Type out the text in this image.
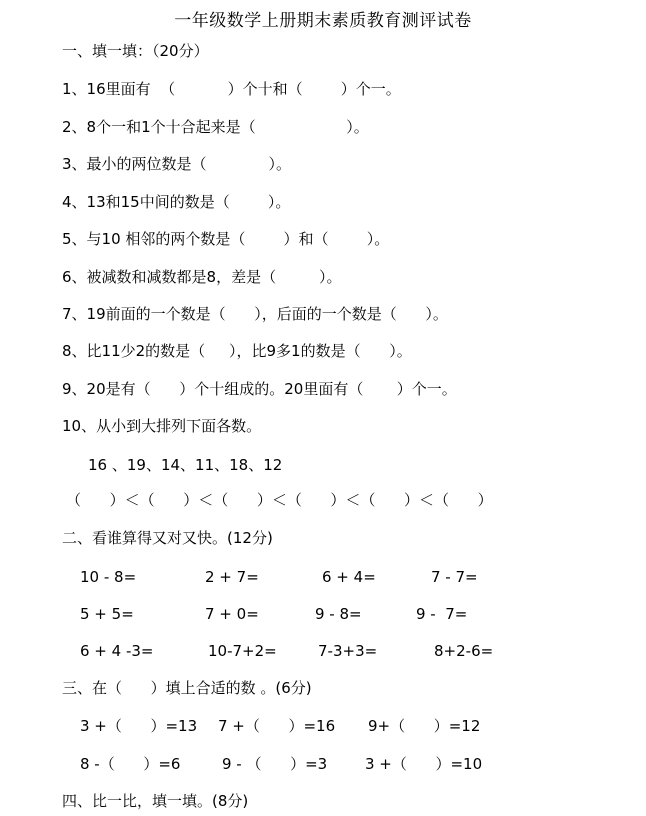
一年级数学上册期末素质教育测评试卷
一、填一填：（20分）
1、16里面有  （           ）个十和（        ）个一。
2、8个一和1个十合起来是（                   ）。
3、最小的两位数是（             ）。
4、13和15中间的数是（        ）。
5、与10 相邻的两个数是（        ）和（        ）。
6、被减数和减数都是8，差是（         ）。
7、19前面的一个数是（      ），后面的一个数是（      ）。
8、比11少2的数是（     ），比9多1的数是（      ）。
9、20是有（      ）个十组成的。20里面有（       ）个一。
10、从小到大排列下面各数。
16 、19、14、11、18、12
（      ）＜（      ）＜（      ）＜（      ）＜（      ）＜（      ）
二、看谁算得又对又快。(12分)
10 - 8=	2 + 7=	6 + 4=	7 - 7=
5 + 5=	7 + 0=	9 - 8=	9 -  7=
6 + 4 -3=	10-7+2=	7-3+3=	8+2-6=
三、在（      ）填上合适的数 。(6分)
3 +（      ）=13 7 +（      ）=16 9+（      ）=12
8 -（      ）=6	9 - （      ）=3	3 +（      ）=10
四、比一比，填一填。(8分)
